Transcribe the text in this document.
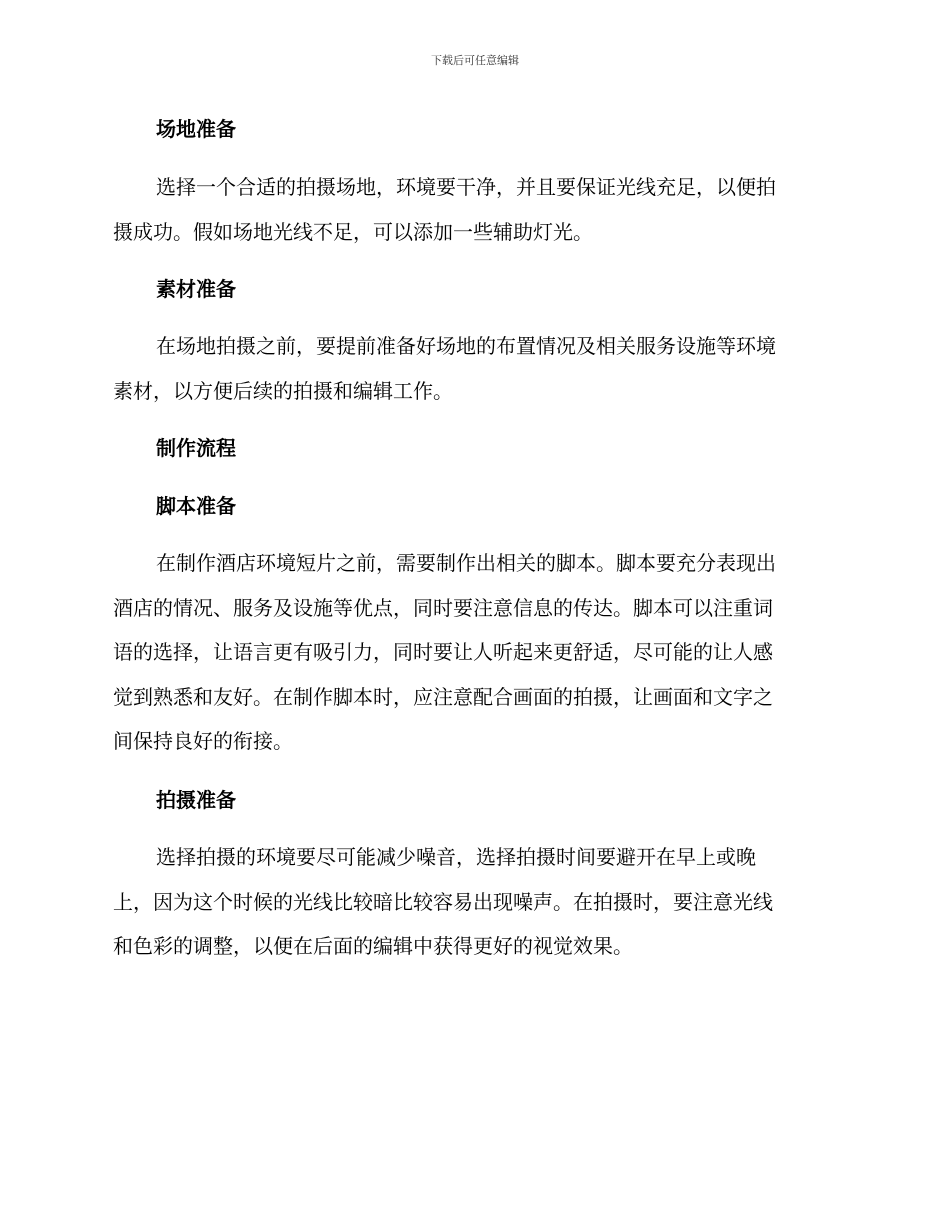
下载后可任意编辑
场地准备
选择一个合适的拍摄场地，环境要干净，并且要保证光线充足，以便拍
摄成功。假如场地光线不足，可以添加一些辅助灯光。
素材准备
在场地拍摄之前，要提前准备好场地的布置情况及相关服务设施等环境
素材，以方便后续的拍摄和编辑工作。
制作流程
脚本准备
在制作酒店环境短片之前，需要制作出相关的脚本。脚本要充分表现出
酒店的情况、服务及设施等优点，同时要注意信息的传达。脚本可以注重词
语的选择，让语言更有吸引力，同时要让人听起来更舒适，尽可能的让人感
觉到熟悉和友好。在制作脚本时，应注意配合画面的拍摄，让画面和文字之
间保持良好的衔接。
拍摄准备
选择拍摄的环境要尽可能减少噪音，选择拍摄时间要避开在早上或晚
上，因为这个时候的光线比较暗比较容易出现噪声。在拍摄时，要注意光线
和色彩的调整，以便在后面的编辑中获得更好的视觉效果。
